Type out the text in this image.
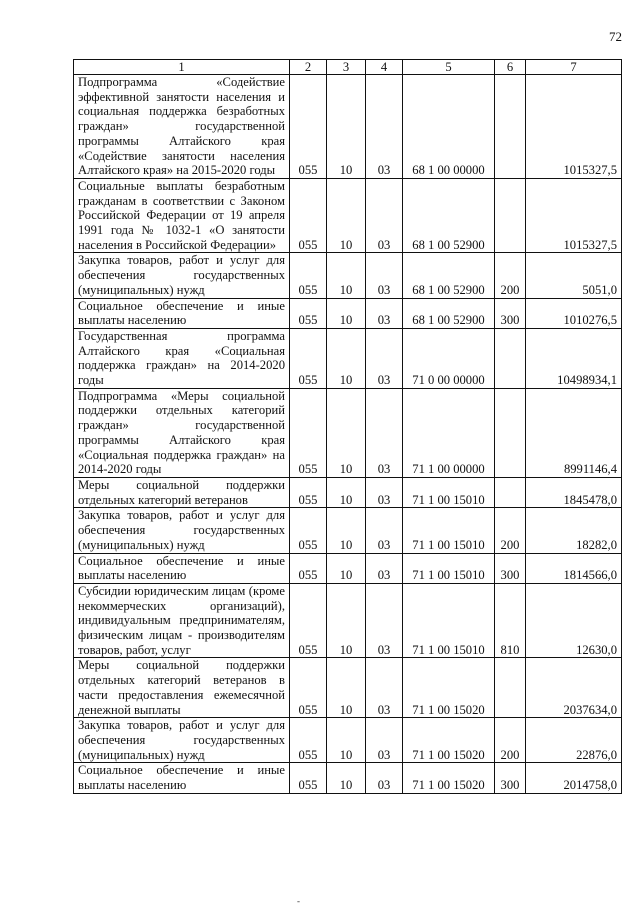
72
1	2	3	4	5	6	7
Подпрограмма «Содействие эффективной занятости населения и социальная поддержка безработных граждан» государственной программы Алтайского края «Содействие занятости населения Алтайского края» на 2015-2020 годы	055	10	03	68 1 00 00000		1015327,5
Социальные выплаты безработным гражданам в соответствии с Законом Российской Федерации от 19 апреля 1991 года № 1032-1 «О занятости населения в Российской Федерации»	055	10	03	68 1 00 52900		1015327,5
Закупка товаров, работ и услуг для обеспечения государственных (муниципальных) нужд	055	10	03	68 1 00 52900	200	5051,0
Социальное обеспечение и иные выплаты населению	055	10	03	68 1 00 52900	300	1010276,5
Государственная программа Алтайского края «Социальная поддержка граждан» на 2014-2020 годы	055	10	03	71 0 00 00000		10498934,1
Подпрограмма «Меры социальной поддержки отдельных категорий граждан» государственной программы Алтайского края «Социальная поддержка граждан» на 2014-2020 годы	055	10	03	71 1 00 00000		8991146,4
Меры социальной поддержки отдельных категорий ветеранов	055	10	03	71 1 00 15010		1845478,0
Закупка товаров, работ и услуг для обеспечения государственных (муниципальных) нужд	055	10	03	71 1 00 15010	200	18282,0
Социальное обеспечение и иные выплаты населению	055	10	03	71 1 00 15010	300	1814566,0
Субсидии юридическим лицам (кроме некоммерческих организаций), индивидуальным предпринимателям, физическим лицам - производителям товаров, работ, услуг	055	10	03	71 1 00 15010	810	12630,0
Меры социальной поддержки отдельных категорий ветеранов в части предоставления ежемесячной денежной выплаты	055	10	03	71 1 00 15020		2037634,0
Закупка товаров, работ и услуг для обеспечения государственных (муниципальных) нужд	055	10	03	71 1 00 15020	200	22876,0
Социальное обеспечение и иные выплаты населению	055	10	03	71 1 00 15020	300	2014758,0
-
